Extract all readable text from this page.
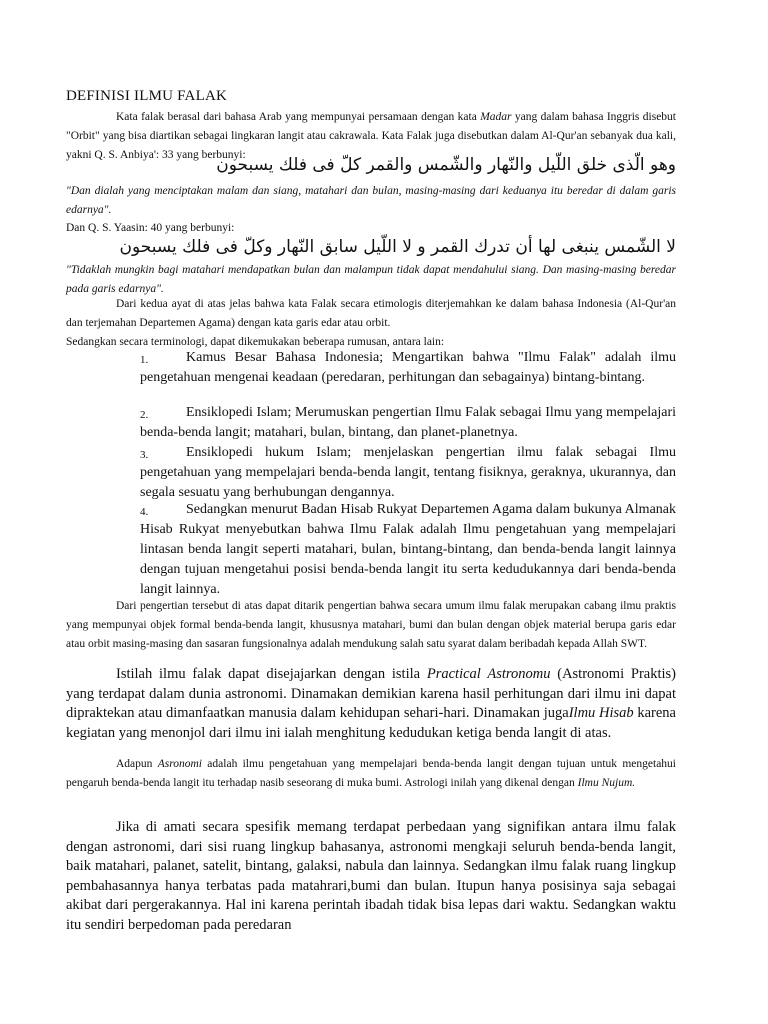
DEFINISI ILMU FALAK

Kata falak berasal dari bahasa Arab yang mempunyai persamaan dengan kata Madar yang dalam bahasa Inggris disebut "Orbit" yang bisa diartikan sebagai lingkaran langit atau cakrawala. Kata Falak juga disebutkan dalam Al-Qur'an sebanyak dua kali, yakni Q. S. Anbiya': 33 yang berbunyi:

وهو الّذى خلق اللّيل والنّهار والشّمس والقمر كلّ فى فلك يسبحون

"Dan dialah yang menciptakan malam dan siang, matahari dan bulan, masing-masing dari keduanya itu beredar di dalam garis edarnya".

Dan Q. S. Yaasin: 40 yang berbunyi:

لا الشّمس ينبغى لها أن تدرك القمر و لا اللّيل سابق النّهار وكلّ فى فلك يسبحون

"Tidaklah mungkin bagi matahari mendapatkan bulan dan malampun tidak dapat mendahului siang. Dan masing-masing beredar pada garis edarnya".

Dari kedua ayat di atas jelas bahwa kata Falak secara etimologis diterjemahkan ke dalam bahasa Indonesia (Al-Qur'an dan terjemahan Departemen Agama) dengan kata garis edar atau orbit.

Sedangkan secara terminologi, dapat dikemukakan beberapa rumusan, antara lain:

1.	Kamus Besar Bahasa Indonesia; Mengartikan bahwa "Ilmu Falak" adalah ilmu pengetahuan mengenai keadaan (peredaran, perhitungan dan sebagainya) bintang-bintang.

2.	Ensiklopedi Islam; Merumuskan pengertian Ilmu Falak sebagai Ilmu yang mempelajari benda-benda langit; matahari, bulan, bintang, dan planet-planetnya.

3.	Ensiklopedi hukum Islam; menjelaskan pengertian ilmu falak sebagai Ilmu pengetahuan yang mempelajari benda-benda langit, tentang fisiknya, geraknya, ukurannya, dan segala sesuatu yang berhubungan dengannya.

4.	Sedangkan menurut Badan Hisab Rukyat Departemen Agama dalam bukunya Almanak Hisab Rukyat menyebutkan bahwa Ilmu Falak adalah Ilmu pengetahuan yang mempelajari lintasan benda langit seperti matahari, bulan, bintang-bintang, dan benda-benda langit lainnya dengan tujuan mengetahui posisi benda-benda langit itu serta kedudukannya dari benda-benda langit lainnya.

Dari pengertian tersebut di atas dapat ditarik pengertian bahwa secara umum ilmu falak merupakan cabang ilmu praktis yang mempunyai objek formal benda-benda langit, khususnya matahari, bumi dan bulan dengan objek material berupa garis edar atau orbit masing-masing dan sasaran fungsionalnya adalah mendukung salah satu syarat dalam beribadah kepada Allah SWT.

Istilah ilmu falak dapat disejajarkan dengan istila Practical Astronomu (Astronomi Praktis) yang terdapat dalam dunia astronomi. Dinamakan demikian karena hasil perhitungan dari ilmu ini dapat dipraktekan atau dimanfaatkan manusia dalam kehidupan sehari-hari. Dinamakan jugaIlmu Hisab karena kegiatan yang menonjol dari ilmu ini ialah menghitung kedudukan ketiga benda langit di atas.

Adapun Asronomi adalah ilmu pengetahuan yang mempelajari benda-benda langit dengan tujuan untuk mengetahui pengaruh benda-benda langit itu terhadap nasib seseorang di muka bumi. Astrologi inilah yang dikenal dengan Ilmu Nujum.

Jika di amati secara spesifik memang terdapat perbedaan yang signifikan antara ilmu falak dengan astronomi, dari sisi ruang lingkup bahasanya, astronomi mengkaji seluruh benda-benda langit, baik matahari, palanet, satelit, bintang, galaksi, nabula dan lainnya. Sedangkan ilmu falak ruang lingkup pembahasannya hanya terbatas pada matahrari,bumi dan bulan. Itupun hanya posisinya saja sebagai akibat dari pergerakannya. Hal ini karena perintah ibadah tidak bisa lepas dari waktu. Sedangkan waktu itu sendiri berpedoman pada peredaran
